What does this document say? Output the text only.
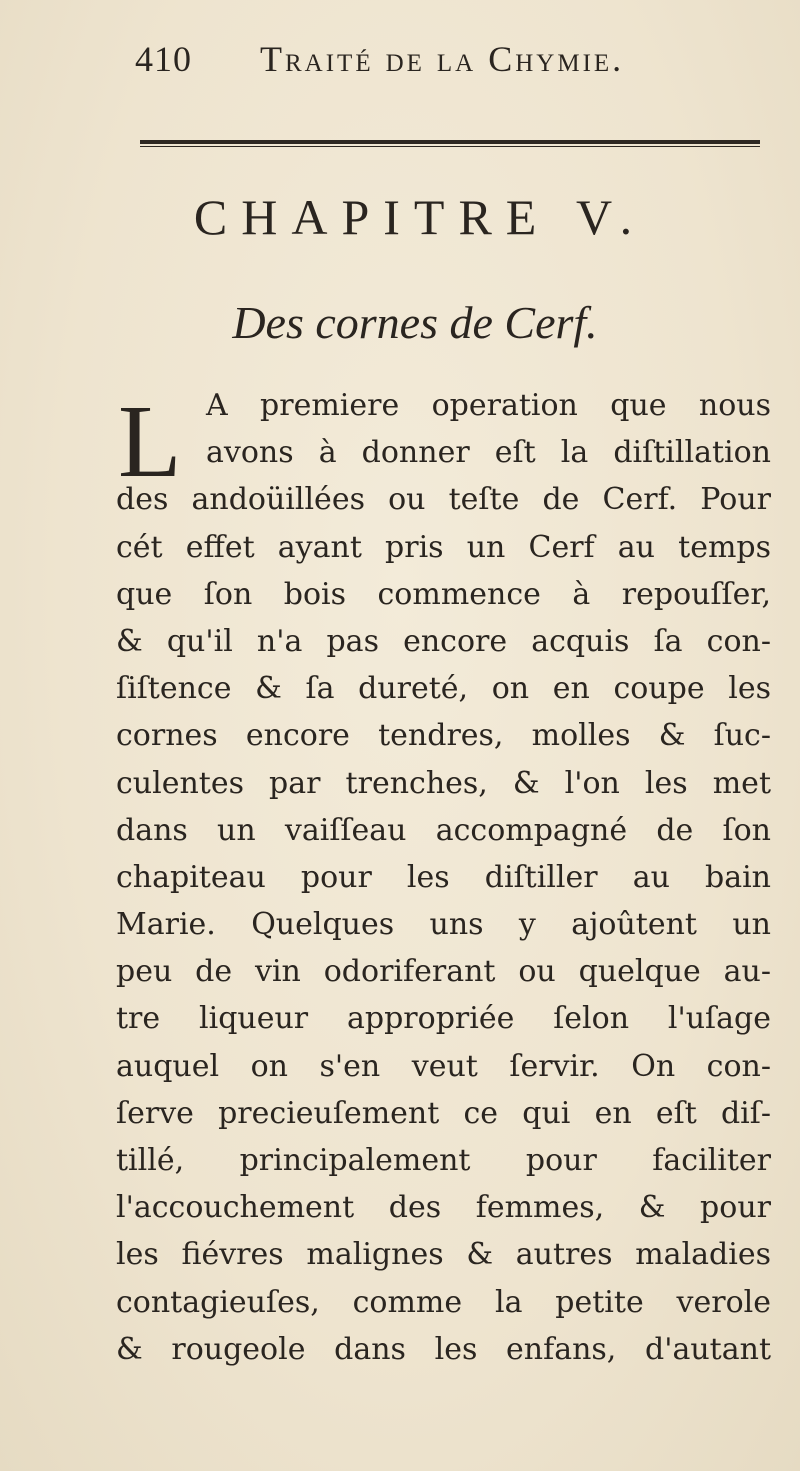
410 Traité de la Chymie.
CHAPITRE V.
Des cornes de Cerf.
L A premiere operation que nous
avons à donner eſt la diſtillation
des andoüillées ou teſte de Cerf. Pour
cét effet ayant pris un Cerf au temps
que ſon bois commence à repouſſer,
& qu'il n'a pas encore acquis ſa con-
ſiſtence & ſa dureté, on en coupe les
cornes encore tendres, molles & ſuc-
culentes par trenches, & l'on les met
dans un vaiſſeau accompagné de ſon
chapiteau pour les diſtiller au bain
Marie. Quelques uns y ajoûtent un
peu de vin odoriferant ou quelque au-
tre liqueur appropriée ſelon l'uſage
auquel on s'en veut ſervir. On con-
ſerve precieuſement ce qui en eſt diſ-
tillé, principalement pour faciliter
l'accouchement des femmes, & pour
les fiévres malignes & autres maladies
contagieuſes, comme la petite verole
& rougeole dans les enfans, d'autant
